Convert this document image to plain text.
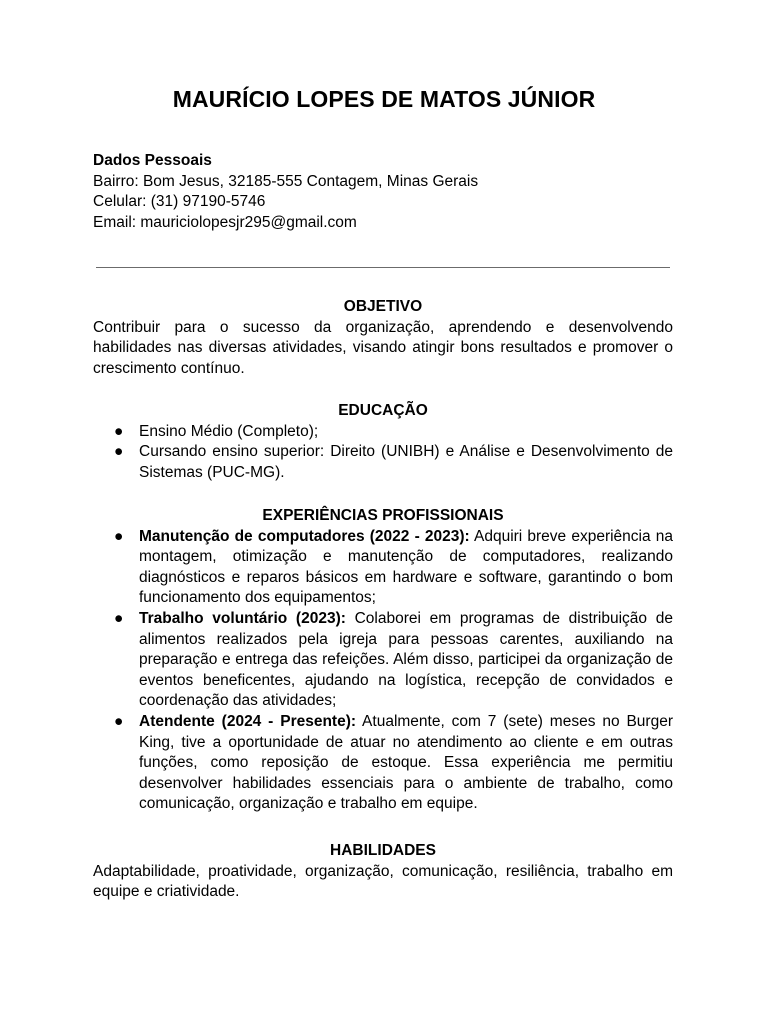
MAURÍCIO LOPES DE MATOS JÚNIOR
Dados Pessoais
Bairro: Bom Jesus, 32185-555 Contagem, Minas Gerais
Celular: (31) 97190-5746
Email: mauriciolopesjr295@gmail.com
OBJETIVO
Contribuir para o sucesso da organização, aprendendo e desenvolvendo habilidades nas diversas atividades, visando atingir bons resultados e promover o crescimento contínuo.
EDUCAÇÃO
● Ensino Médio (Completo);
● Cursando ensino superior: Direito (UNIBH) e Análise e Desenvolvimento de Sistemas (PUC-MG).
EXPERIÊNCIAS PROFISSIONAIS
● Manutenção de computadores (2022 - 2023): Adquiri breve experiência na montagem, otimização e manutenção de computadores, realizando diagnósticos e reparos básicos em hardware e software, garantindo o bom funcionamento dos equipamentos;
● Trabalho voluntário (2023): Colaborei em programas de distribuição de alimentos realizados pela igreja para pessoas carentes, auxiliando na preparação e entrega das refeições. Além disso, participei da organização de eventos beneficentes, ajudando na logística, recepção de convidados e coordenação das atividades;
● Atendente (2024 - Presente): Atualmente, com 7 (sete) meses no Burger King, tive a oportunidade de atuar no atendimento ao cliente e em outras funções, como reposição de estoque. Essa experiência me permitiu desenvolver habilidades essenciais para o ambiente de trabalho, como comunicação, organização e trabalho em equipe.
HABILIDADES
Adaptabilidade, proatividade, organização, comunicação, resiliência, trabalho em equipe e criatividade.
